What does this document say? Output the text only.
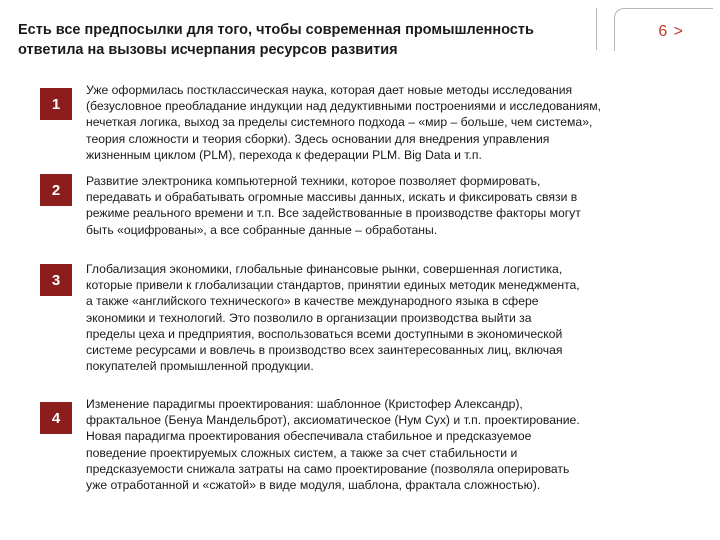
Есть все предпосылки для того, чтобы современная промышленность
ответила на вызовы исчерпания ресурсов развития
6 >
1
Уже оформилась постклассическая наука, которая дает новые методы исследования
(безусловное преобладание индукции над дедуктивными построениями и исследованиям,
нечеткая логика, выход за пределы системного подхода – «мир – больше, чем система»,
теория сложности и теория сборки). Здесь основании для внедрения управления
жизненным циклом (PLM), перехода к федерации PLM. Big Data и т.п.
2
Развитие электроника компьютерной техники, которое позволяет формировать,
передавать и обрабатывать огромные массивы данных, искать и фиксировать связи в
режиме реального времени и т.п. Все задействованные в производстве факторы могут
быть «оцифрованы», а все собранные данные – обработаны.
3
Глобализация экономики, глобальные финансовые рынки, совершенная логистика,
которые привели к глобализации стандартов, принятии единых методик менеджмента,
а также «английского технического» в качестве международного языка в сфере
экономики и технологий. Это позволило в организации производства выйти за
пределы цеха и предприятия, воспользоваться всеми доступными в экономической
системе ресурсами и вовлечь в производство всех заинтересованных лиц, включая
покупателей промышленной продукции.
4
Изменение парадигмы проектирования: шаблонное (Кристофер Александр),
фрактальное (Бенуа Мандельброт), аксиоматическое (Нум Сух) и т.п. проектирование.
Новая парадигма проектирования обеспечивала стабильное и предсказуемое
поведение проектируемых сложных систем, а также за счет стабильности и
предсказуемости снижала затраты на само проектирование (позволяла оперировать
уже отработанной и «сжатой» в виде модуля, шаблона, фрактала сложностью).
